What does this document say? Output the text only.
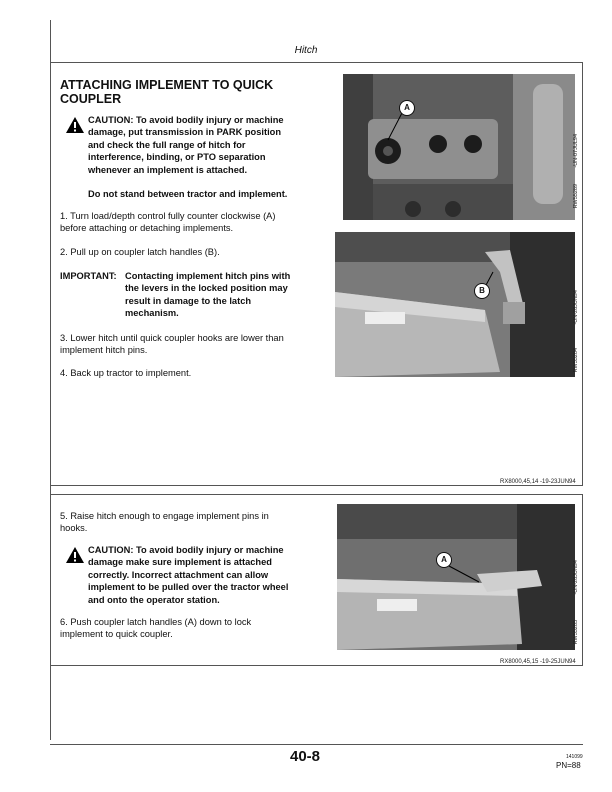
Hitch
ATTACHING IMPLEMENT TO QUICK
COUPLER
CAUTION: To avoid bodily injury or machine
damage, put transmission in PARK position
and check the full range of hitch for
interference, binding, or PTO separation
whenever an implement is attached.
Do not stand between tractor and implement.
1. Turn load/depth control fully counter clockwise (A)
before attaching or detaching implements.
2. Pull up on coupler latch handles (B).
IMPORTANT: Contacting implement hitch pins with
the levers in the locked position may
result in damage to the latch
mechanism.
3. Lower hitch until quick coupler hooks are lower than
implement hitch pins.
4. Back up tractor to implement.
A
RW55289
-UN-07JUL94
B
RW55284
-UN-28JUN94
RX8000,45,14 -19-23JUN94
5. Raise hitch enough to engage implement pins in
hooks.
CAUTION: To avoid bodily injury or machine
damage make sure implement is attached
correctly. Incorrect attachment can allow
implement to be pulled over the tractor wheel
and onto the operator station.
6. Push coupler latch handles (A) down to lock
implement to quick coupler.
A
RW55285
-UN-28JUN94
RX8000,45,15 -19-25JUN94
40-8	141099
PN=88
